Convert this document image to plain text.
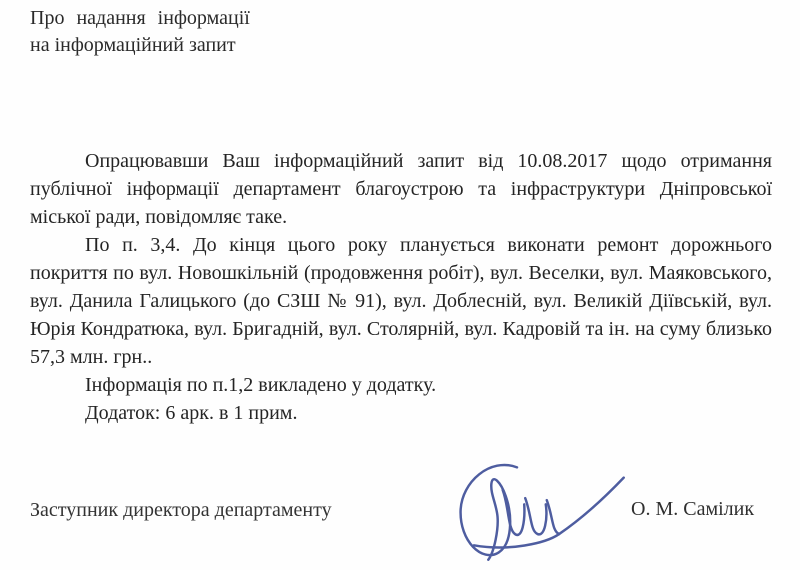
Про надання інформації
на інформаційний запит

Опрацювавши Ваш інформаційний запит від 10.08.2017 щодо отримання публічної інформації департамент благоустрою та інфраструктури Дніпровської міської ради, повідомляє таке.

По п. 3,4. До кінця цього року планується виконати ремонт дорожнього покриття по вул. Новошкільній (продовження робіт), вул. Веселки, вул. Маяковського, вул. Данила Галицького (до СЗШ № 91), вул. Доблесній, вул. Великій Діївській, вул. Юрія Кондратюка, вул. Бригадній, вул. Столярній, вул. Кадровій та ін. на суму близько 57,3 млн. грн..

Інформація по п.1,2 викладено у додатку.

Додаток: 6 арк. в 1 прим.

Заступник директора департаменту	О. М. Самілик
